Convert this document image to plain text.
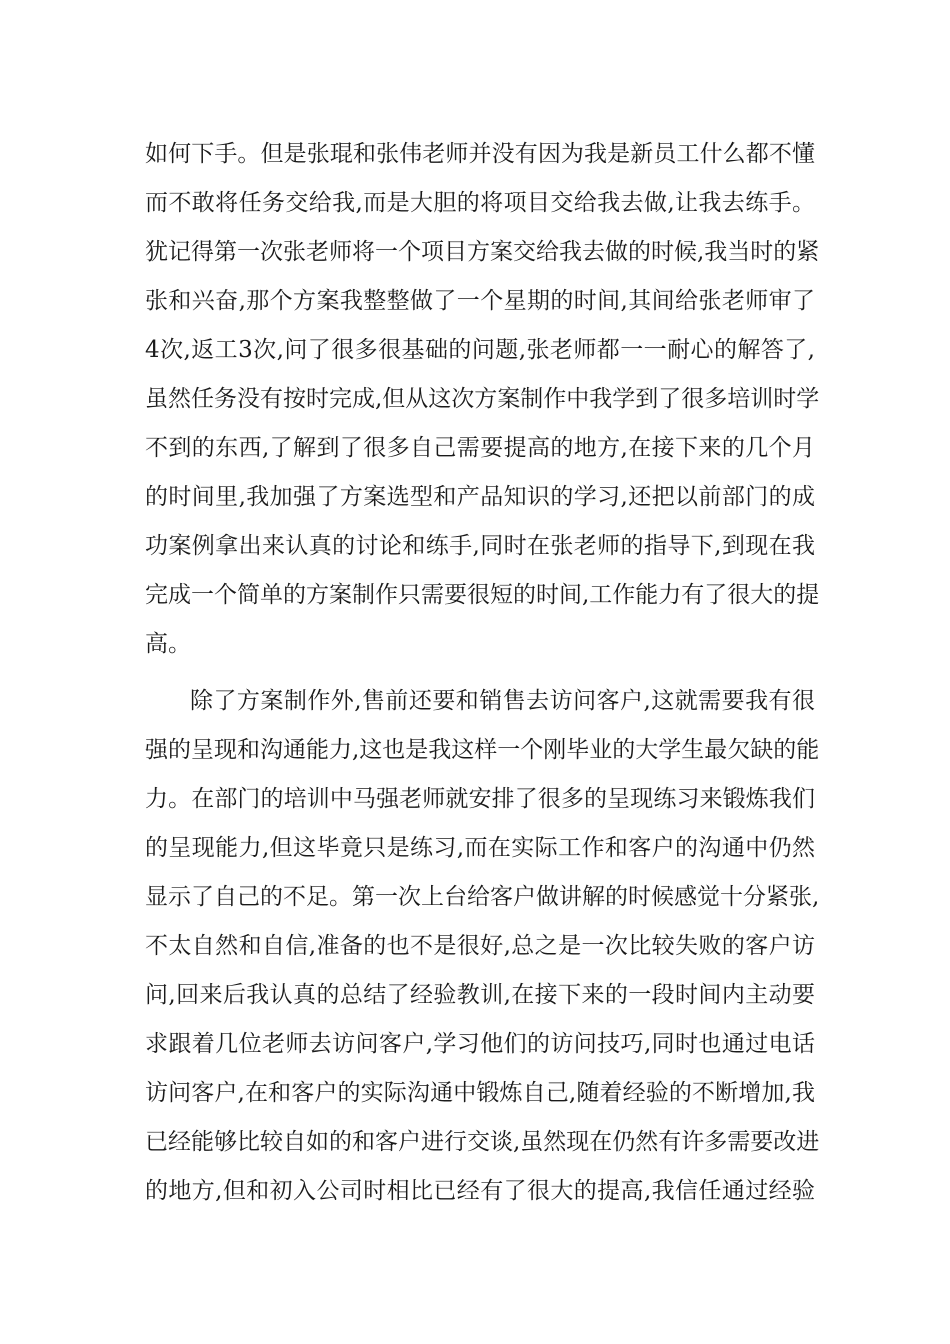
如何下手。但是张琨和张伟老师并没有因为我是新员工什么都不懂
而不敢将任务交给我,而是大胆的将项目交给我去做,让我去练手。
犹记得第一次张老师将一个项目方案交给我去做的时候,我当时的紧
张和兴奋,那个方案我整整做了一个星期的时间,其间给张老师审了
4次,返工3次,问了很多很基础的问题,张老师都一一耐心的解答了,
虽然任务没有按时完成,但从这次方案制作中我学到了很多培训时学
不到的东西,了解到了很多自己需要提高的地方,在接下来的几个月
的时间里,我加强了方案选型和产品知识的学习,还把以前部门的成
功案例拿出来认真的讨论和练手,同时在张老师的指导下,到现在我
完成一个简单的方案制作只需要很短的时间,工作能力有了很大的提
高。
除了方案制作外,售前还要和销售去访问客户,这就需要我有很
强的呈现和沟通能力,这也是我这样一个刚毕业的大学生最欠缺的能
力。在部门的培训中马强老师就安排了很多的呈现练习来锻炼我们
的呈现能力,但这毕竟只是练习,而在实际工作和客户的沟通中仍然
显示了自己的不足。第一次上台给客户做讲解的时候感觉十分紧张,
不太自然和自信,准备的也不是很好,总之是一次比较失败的客户访
问,回来后我认真的总结了经验教训,在接下来的一段时间内主动要
求跟着几位老师去访问客户,学习他们的访问技巧,同时也通过电话
访问客户,在和客户的实际沟通中锻炼自己,随着经验的不断增加,我
已经能够比较自如的和客户进行交谈,虽然现在仍然有许多需要改进
的地方,但和初入公司时相比已经有了很大的提高,我信任通过经验
